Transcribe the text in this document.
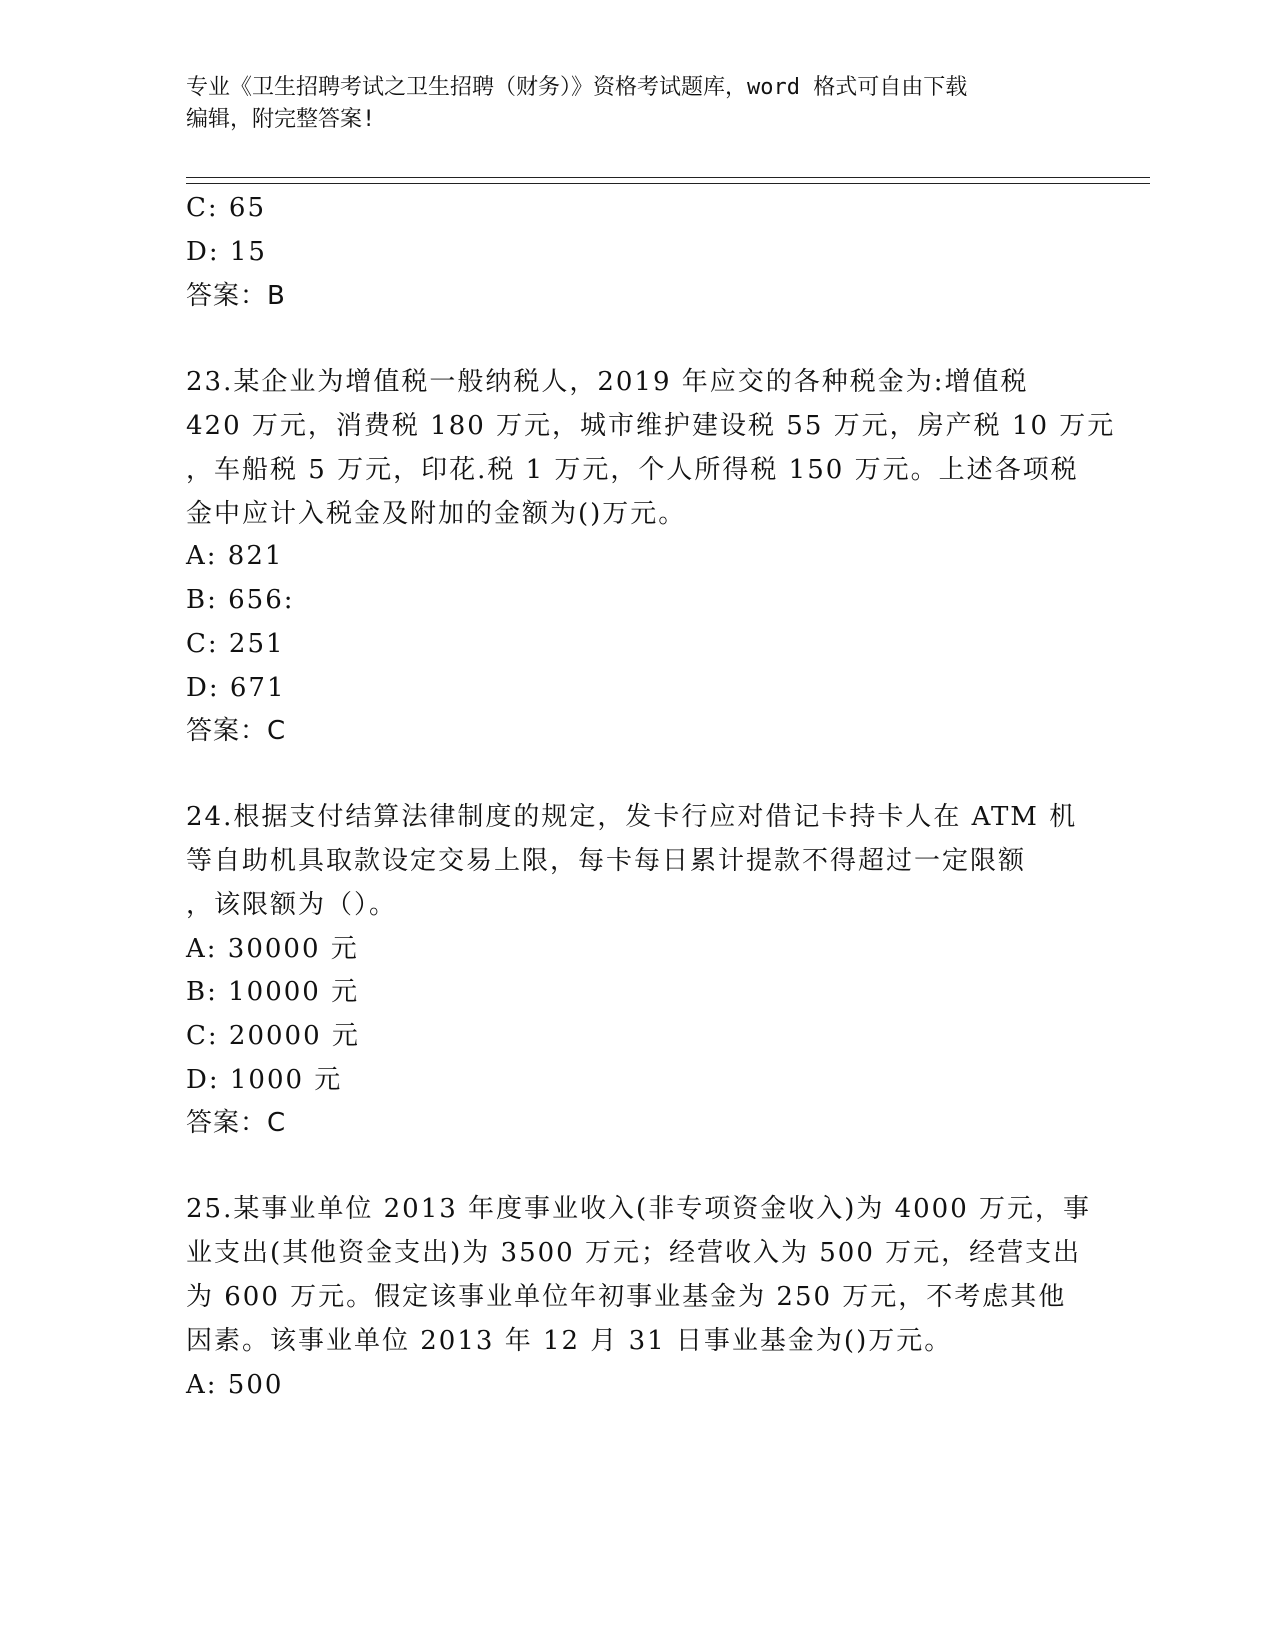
专业《卫生招聘考试之卫生招聘（财务）》资格考试题库，word 格式可自由下载
编辑，附完整答案!
C: 65
D: 15
答案：B
23.某企业为增值税一般纳税人，2019 年应交的各种税金为:增值税
420 万元，消费税 180 万元，城市维护建设税 55 万元，房产税 10 万元
，车船税 5 万元，印花.税 1 万元，个人所得税 150 万元。上述各项税
金中应计入税金及附加的金额为()万元。
A: 821
B: 656:
C: 251
D: 671
答案：C
24.根据支付结算法律制度的规定，发卡行应对借记卡持卡人在 ATM 机
等自助机具取款设定交易上限，每卡每日累计提款不得超过一定限额
，该限额为（）。
A: 30000 元
B: 10000 元
C: 20000 元
D: 1000 元
答案：C
25.某事业单位 2013 年度事业收入(非专项资金收入)为 4000 万元，事
业支出(其他资金支出)为 3500 万元；经营收入为 500 万元，经营支出
为 600 万元。假定该事业单位年初事业基金为 250 万元，不考虑其他
因素。该事业单位 2013 年 12 月 31 日事业基金为()万元。
A: 500
